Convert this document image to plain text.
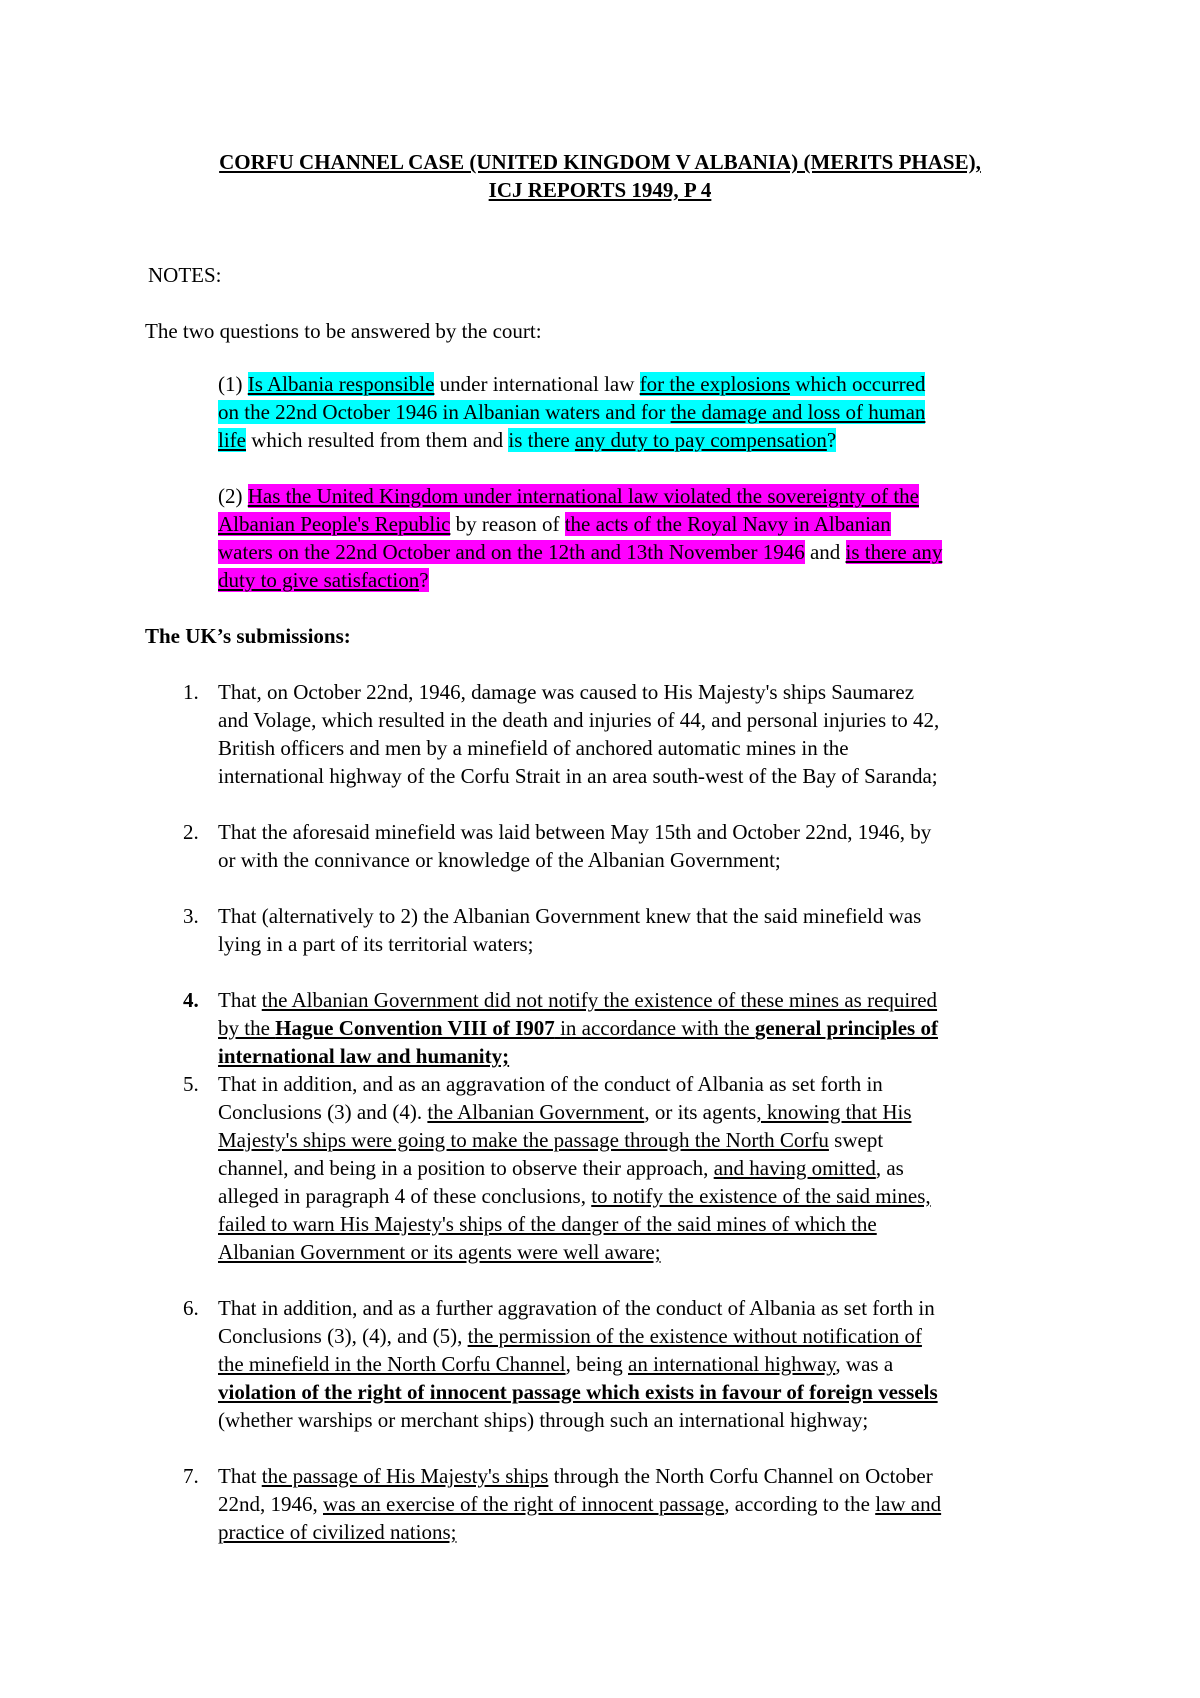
CORFU CHANNEL CASE (UNITED KINGDOM V ALBANIA) (MERITS PHASE),
ICJ REPORTS 1949, P 4
NOTES:
The two questions to be answered by the court:
(1) Is Albania responsible under international law for the explosions which occurred
on the 22nd October 1946 in Albanian waters and for the damage and loss of human
life which resulted from them and is there any duty to pay compensation?
(2) Has the United Kingdom under international law violated the sovereignty of the
Albanian People's Republic by reason of the acts of the Royal Navy in Albanian
waters on the 22nd October and on the 12th and 13th November 1946 and is there any
duty to give satisfaction?
The UK’s submissions:
1. That, on October 22nd, 1946, damage was caused to His Majesty's ships Saumarez
and Volage, which resulted in the death and injuries of 44, and personal injuries to 42,
British officers and men by a minefield of anchored automatic mines in the
international highway of the Corfu Strait in an area south-west of the Bay of Saranda;
2. That the aforesaid minefield was laid between May 15th and October 22nd, 1946, by
or with the connivance or knowledge of the Albanian Government;
3. That (alternatively to 2) the Albanian Government knew that the said minefield was
lying in a part of its territorial waters;
4. That the Albanian Government did not notify the existence of these mines as required
by the Hague Convention VIII of I907 in accordance with the general principles of
international law and humanity;
5. That in addition, and as an aggravation of the conduct of Albania as set forth in
Conclusions (3) and (4). the Albanian Government, or its agents, knowing that His
Majesty's ships were going to make the passage through the North Corfu swept
channel, and being in a position to observe their approach, and having omitted, as
alleged in paragraph 4 of these conclusions, to notify the existence of the said mines,
failed to warn His Majesty's ships of the danger of the said mines of which the
Albanian Government or its agents were well aware;
6. That in addition, and as a further aggravation of the conduct of Albania as set forth in
Conclusions (3), (4), and (5), the permission of the existence without notification of
the minefield in the North Corfu Channel, being an international highway, was a
violation of the right of innocent passage which exists in favour of foreign vessels
(whether warships or merchant ships) through such an international highway;
7. That the passage of His Majesty's ships through the North Corfu Channel on October
22nd, 1946, was an exercise of the right of innocent passage, according to the law and
practice of civilized nations;
